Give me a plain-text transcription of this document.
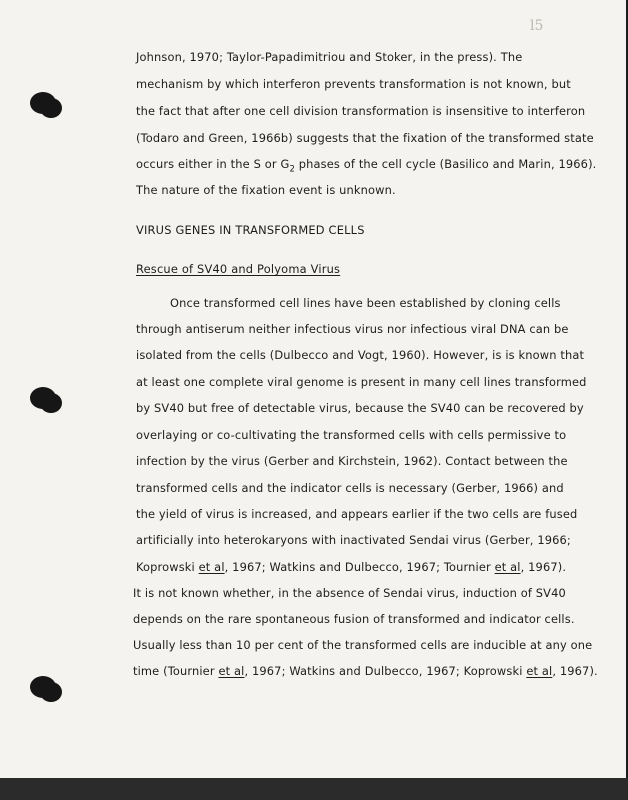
l5
Johnson, 1970; Taylor-Papadimitriou and Stoker, in the press). The
mechanism by which interferon prevents transformation is not known, but
the fact that after one cell division transformation is insensitive to interferon
(Todaro and Green, 1966b) suggests that the fixation of the transformed state
occurs either in the S or $G_2$ phases of the cell cycle (Basilico and Marin, 1966).
The nature of the fixation event is unknown.
VIRUS GENES IN TRANSFORMED CELLS
Rescue of SV40 and Polyoma Virus
Once transformed cell lines have been established by cloning cells
through antiserum neither infectious virus nor infectious viral DNA can be
isolated from the cells (Dulbecco and Vogt, 1960). However, is is known that
at least one complete viral genome is present in many cell lines transformed
by SV40 but free of detectable virus, because the SV40 can be recovered by
overlaying or co-cultivating the transformed cells with cells permissive to
infection by the virus (Gerber and Kirchstein, 1962). Contact between the
transformed cells and the indicator cells is necessary (Gerber, 1966) and
the yield of virus is increased, and appears earlier if the two cells are fused
artificially into heterokaryons with inactivated Sendai virus (Gerber, 1966;
Koprowski et al, 1967; Watkins and Dulbecco, 1967; Tournier et al, 1967).
It is not known whether, in the absence of Sendai virus, induction of SV40
depends on the rare spontaneous fusion of transformed and indicator cells.
Usually less than 10 per cent of the transformed cells are inducible at any one
time (Tournier et al, 1967; Watkins and Dulbecco, 1967; Koprowski et al, 1967).
